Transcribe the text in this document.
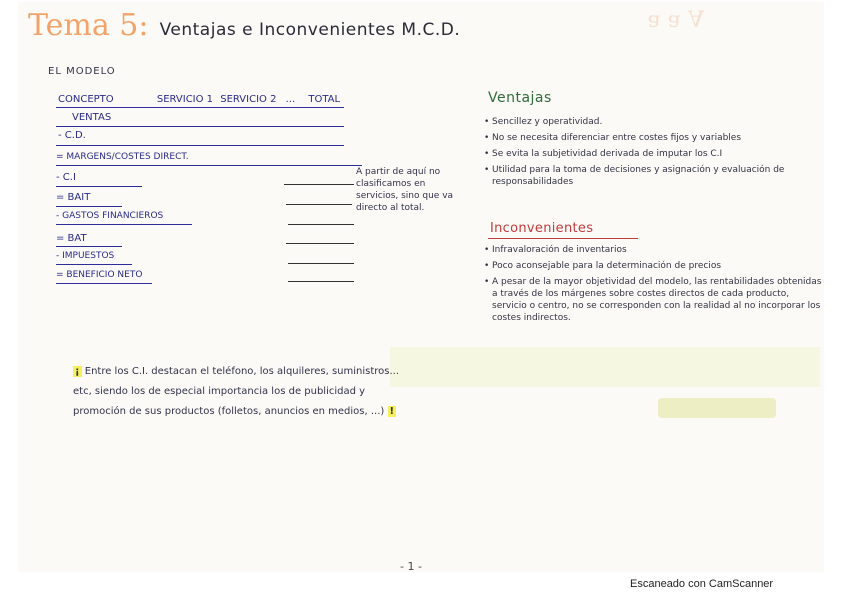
Ɐ ɐ ɐ
Tema 5: Ventajas e Inconvenientes M.C.D.
EL MODELO
CONCEPTO	SERVICIO 1 SERVICIO 2 ... TOTAL
VENTAS
- C.D.
= MARGENS/COSTES DIRECT.
- C.I
= BAIT
- GASTOS FINANCIEROS
= BAT
- IMPUESTOS
= BENEFICIO NETO
A partir de aquí no clasificamos en servicios, sino que va directo al total.
Ventajas
• Sencillez y operatividad.
• No se necesita diferenciar entre costes fijos y variables
• Se evita la subjetividad derivada de imputar los C.I
• Utilidad para la toma de decisiones y asignación y evaluación de responsabilidades
Inconvenientes
• Infravaloración de inventarios
• Poco aconsejable para la determinación de precios
• A pesar de la mayor objetividad del modelo, las rentabilidades obtenidas a través de los márgenes sobre costes directos de cada producto, servicio o centro, no se corresponden con la realidad al no incorporar los costes indirectos.
¡ Entre los C.I. destacan el teléfono, los alquileres, suministros... etc, siendo los de especial importancia los de publicidad y promoción de sus productos (folletos, anuncios en medios, ...) !
- 1 -
Escaneado con CamScanner
